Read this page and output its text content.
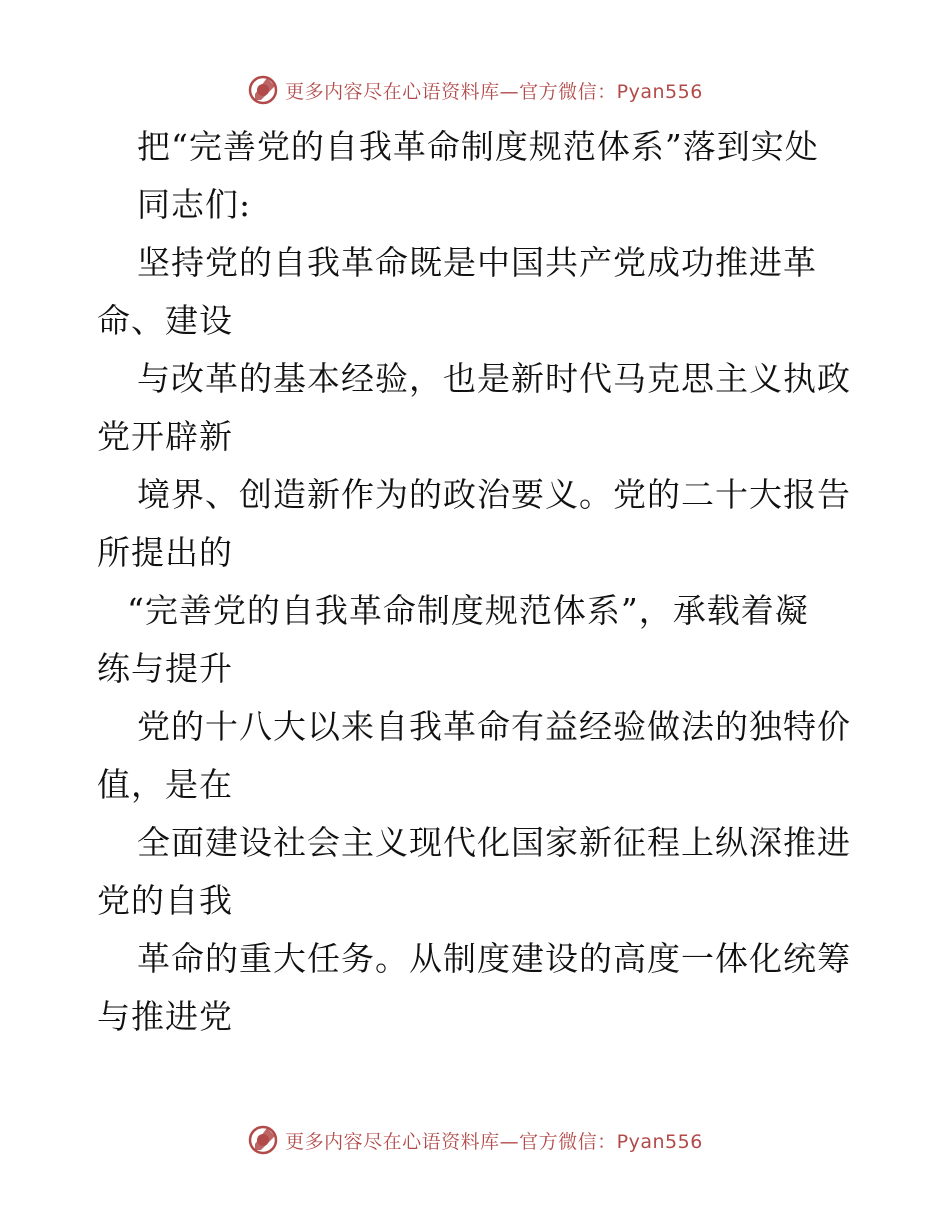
更多内容尽在心语资料库—官方微信：Pyan556
把“完善党的自我革命制度规范体系”落到实处
同志们:
坚持党的自我革命既是中国共产党成功推进革
命、建设
与改革的基本经验，也是新时代马克思主义执政
党开辟新
境界、创造新作为的政治要义。党的二十大报告
所提出的
“完善党的自我革命制度规范体系”，承载着凝
练与提升
党的十八大以来自我革命有益经验做法的独特价
值，是在
全面建设社会主义现代化国家新征程上纵深推进
党的自我
革命的重大任务。从制度建设的高度一体化统筹
与推进党
更多内容尽在心语资料库—官方微信：Pyan556
